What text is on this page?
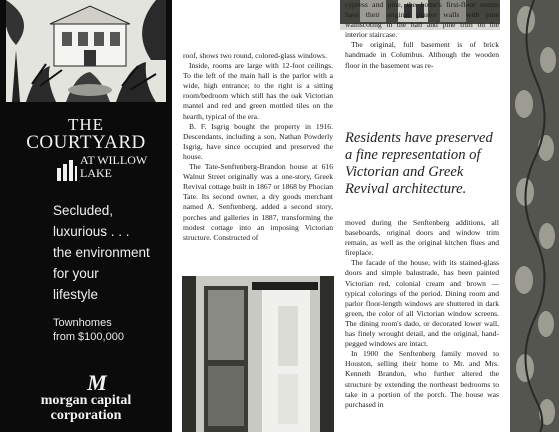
THE
COURTYARD
AT WILLOW
LAKE
Secluded,
luxurious . . .
the environment
for your
lifestyle
Townhomes
from $100,000
M
morgan capital
corporation

roof, shows two round, colored-glass windows.

Inside, rooms are large with 12-foot ceilings. To the left of the main hall is the parlor with a wide, high entrance; to the right is a sitting room/bedroom which still has the oak Victorian mantel and red and green mottled tiles on the hearth, typical of the era.

B. F. Isgrig bought the property in 1916. Descendants, including a son, Nathan Powderly Isgrig, have since occupied and preserved the house.

The Tate-Senftenberg-Brandon house at 616 Walnut Street originally was a one-story, Greek Revival cottage built in 1867 or 1868 by Phocian Tate. Its second owner, a dry goods merchant named A. Senftenberg, added a second story, porches and galleries in 1887, transforming the modest cottage into an imposing Victorian structure. Constructed of

cypress and pine, the home's first-floor rooms have their original plaster walls with pine wainscoting in the hall and pine trim on the interior staircase.

The original, full basement is of brick handmade in Columbus. Although the wooden floor in the basement was re-

Residents have preserved a fine representation of Victorian and Greek Revival architecture.

moved during the Senftenberg additions, all baseboards, original doors and window trim remain, as well as the original kitchen flues and fireplace.

The facade of the house, with its stained-glass doors and simple balustrade, has been painted Victorian red, colonial cream and brown — typical colorings of the period. Dining room and parlor floor-length windows are shuttered in dark green, the color of all Victorian window screens. The dining room's dado, or decorated lower wall, has finely wrought detail, and the original, hand-pegged windows are intact.

In 1900 the Senftenberg family moved to Houston, selling their home to Mr. and Mrs. Kenneth Brandon, who further altered the structure by extending the northeast bedrooms to take in a portion of the porch. The house was purchased in
